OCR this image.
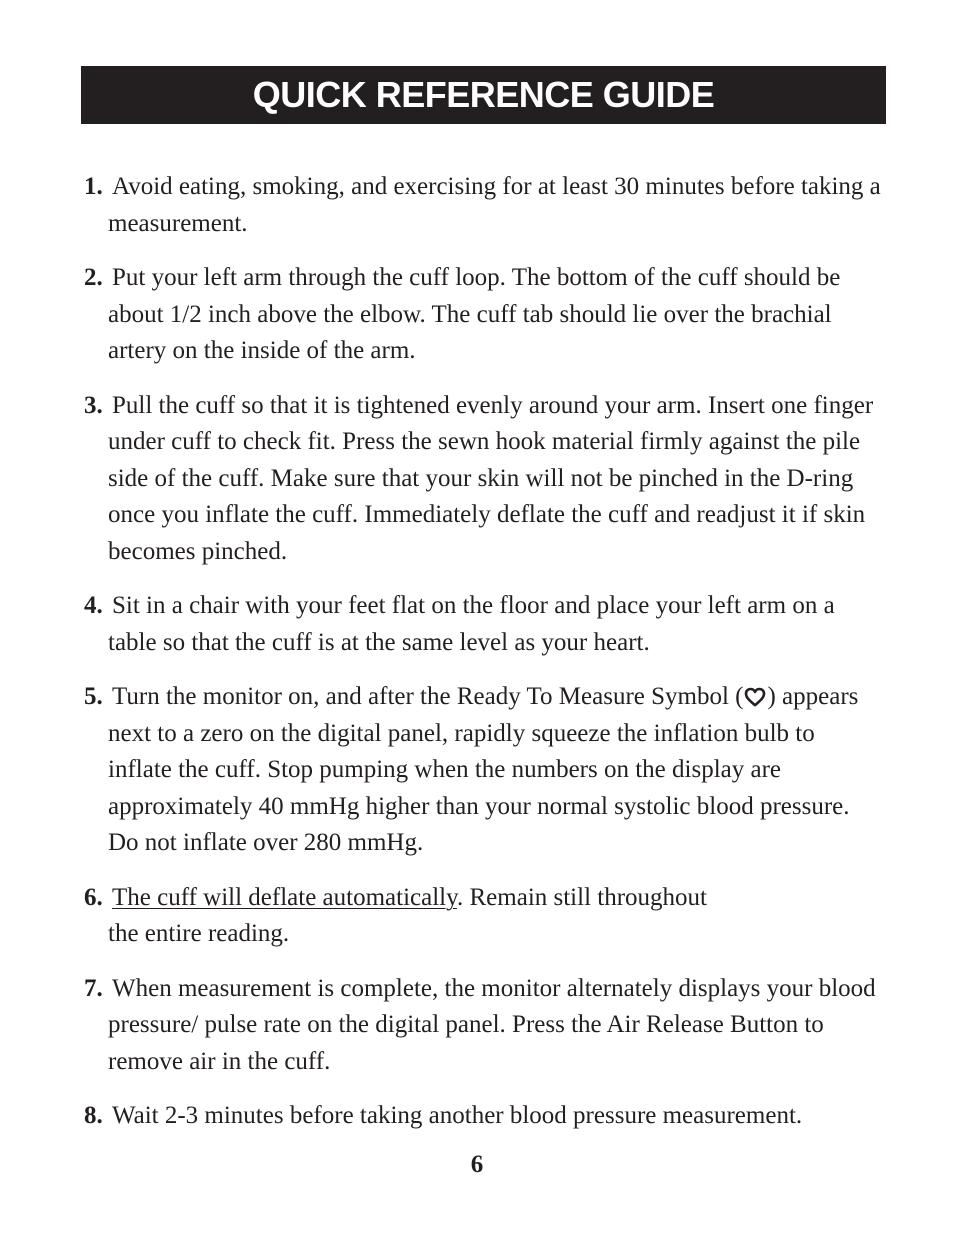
QUICK REFERENCE GUIDE
1. Avoid eating, smoking, and exercising for at least 30 minutes before taking a measurement.
2. Put your left arm through the cuff loop. The bottom of the cuff should be about 1/2 inch above the elbow. The cuff tab should lie over the brachial artery on the inside of the arm.
3. Pull the cuff so that it is tightened evenly around your arm. Insert one finger under cuff to check fit. Press the sewn hook material firmly against the pile side of the cuff. Make sure that your skin will not be pinched in the D-ring once you inflate the cuff. Immediately deflate the cuff and readjust it if skin becomes pinched.
4. Sit in a chair with your feet flat on the floor and place your left arm on a table so that the cuff is at the same level as your heart.
5. Turn the monitor on, and after the Ready To Measure Symbol ( ) appears next to a zero on the digital panel, rapidly squeeze the inflation bulb to inflate the cuff. Stop pumping when the numbers on the display are approximately 40 mmHg higher than your normal systolic blood pressure. Do not inflate over 280 mmHg.
6. The cuff will deflate automatically. Remain still throughout
the entire reading.
7. When measurement is complete, the monitor alternately displays your blood pressure/ pulse rate on the digital panel. Press the Air Release Button to remove air in the cuff.
8. Wait 2-3 minutes before taking another blood pressure measurement.
6
